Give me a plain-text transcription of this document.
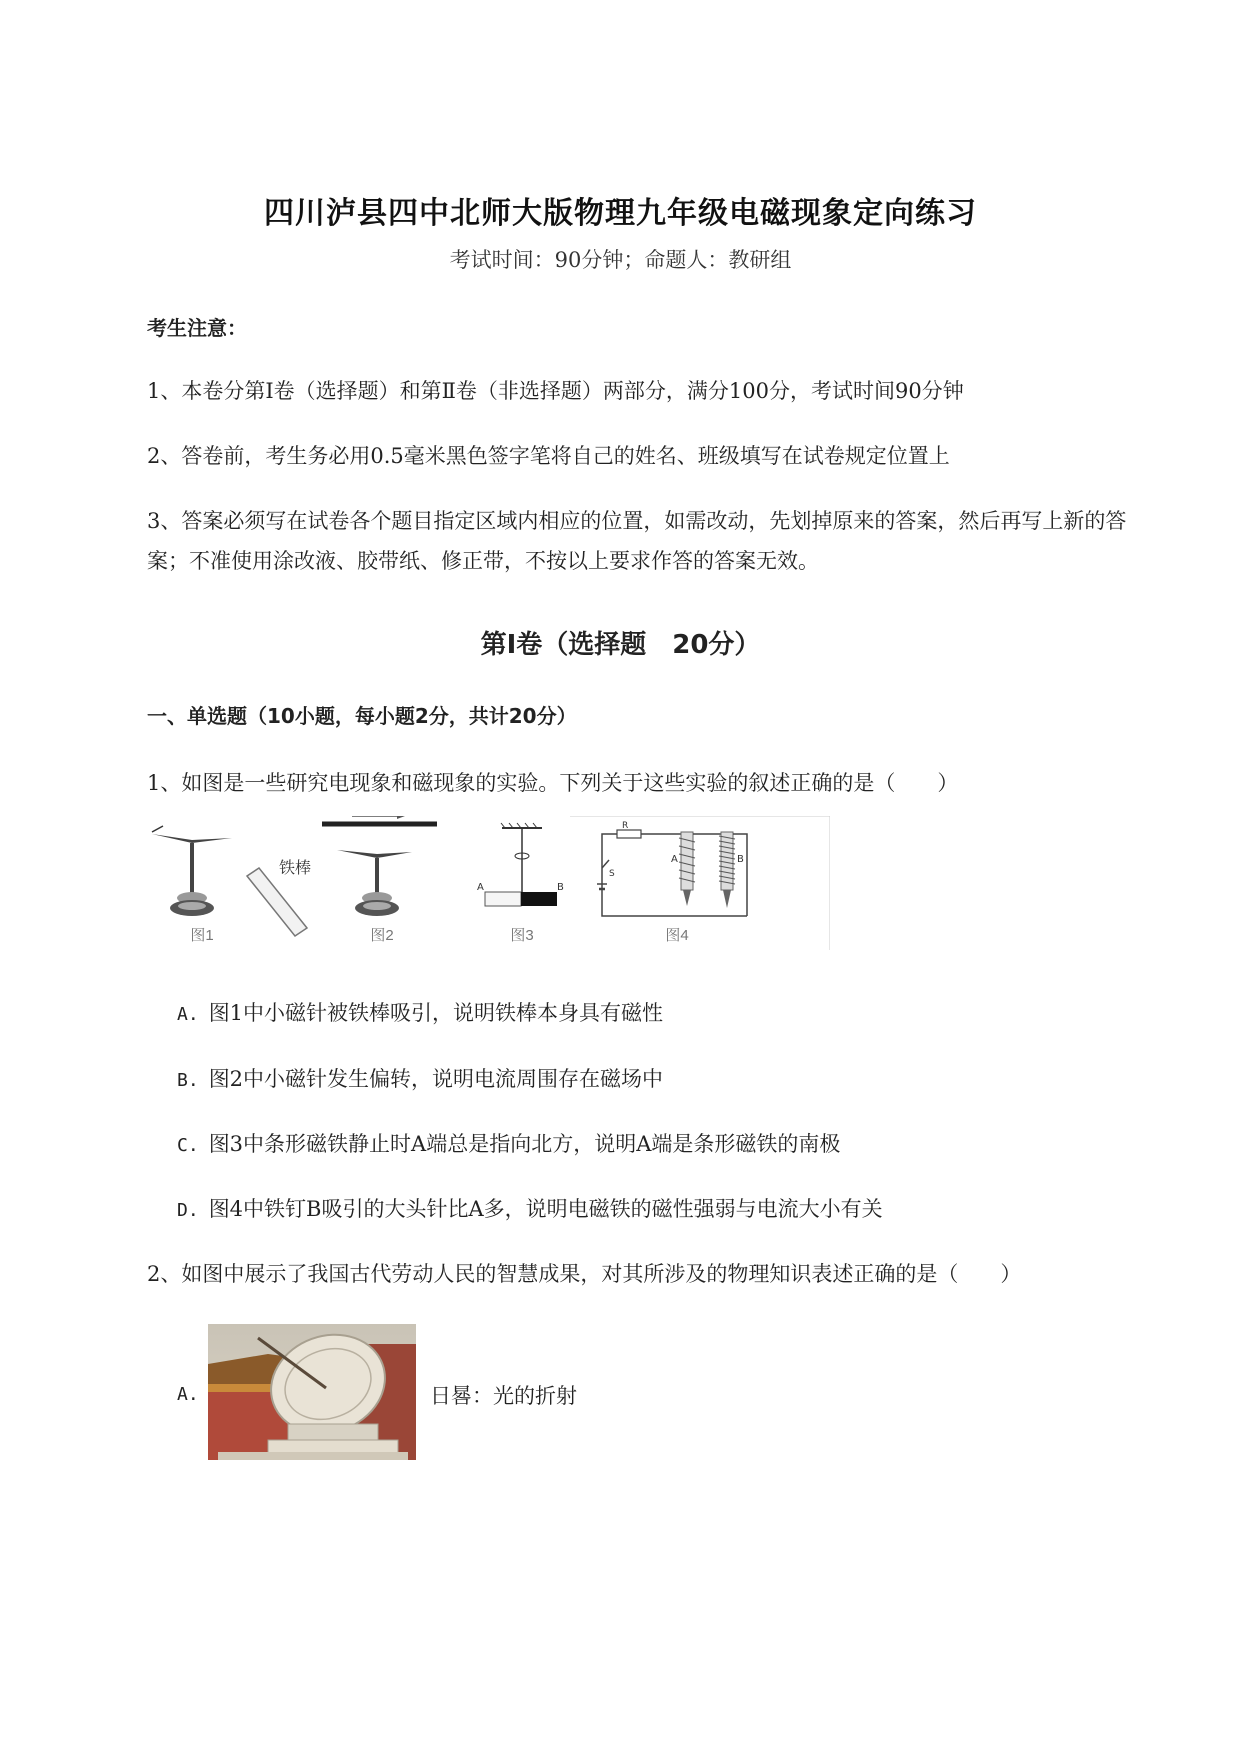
四川泸县四中北师大版物理九年级电磁现象定向练习
考试时间：90分钟；命题人：教研组
考生注意：
1、本卷分第Ⅰ卷（选择题）和第Ⅱ卷（非选择题）两部分，满分100分，考试时间90分钟
2、答卷前，考生务必用0.5毫米黑色签字笔将自己的姓名、班级填写在试卷规定位置上
3、答案必须写在试卷各个题目指定区域内相应的位置，如需改动，先划掉原来的答案，然后再写上新的答案；不准使用涂改液、胶带纸、修正带，不按以上要求作答的答案无效。
第Ⅰ卷（选择题　20分）
一、单选题（10小题，每小题2分，共计20分）
1、如图是一些研究电现象和磁现象的实验。下列关于这些实验的叙述正确的是（　　）
铁棒
图1	图2
A	B
图3
R
S
A	B
图4
A. 图1中小磁针被铁棒吸引，说明铁棒本身具有磁性
B. 图2中小磁针发生偏转，说明电流周围存在磁场中
C. 图3中条形磁铁静止时A端总是指向北方，说明A端是条形磁铁的南极
D. 图4中铁钉B吸引的大头针比A多，说明电磁铁的磁性强弱与电流大小有关
2、如图中展示了我国古代劳动人民的智慧成果，对其所涉及的物理知识表述正确的是（　　）
A.	日晷：光的折射
